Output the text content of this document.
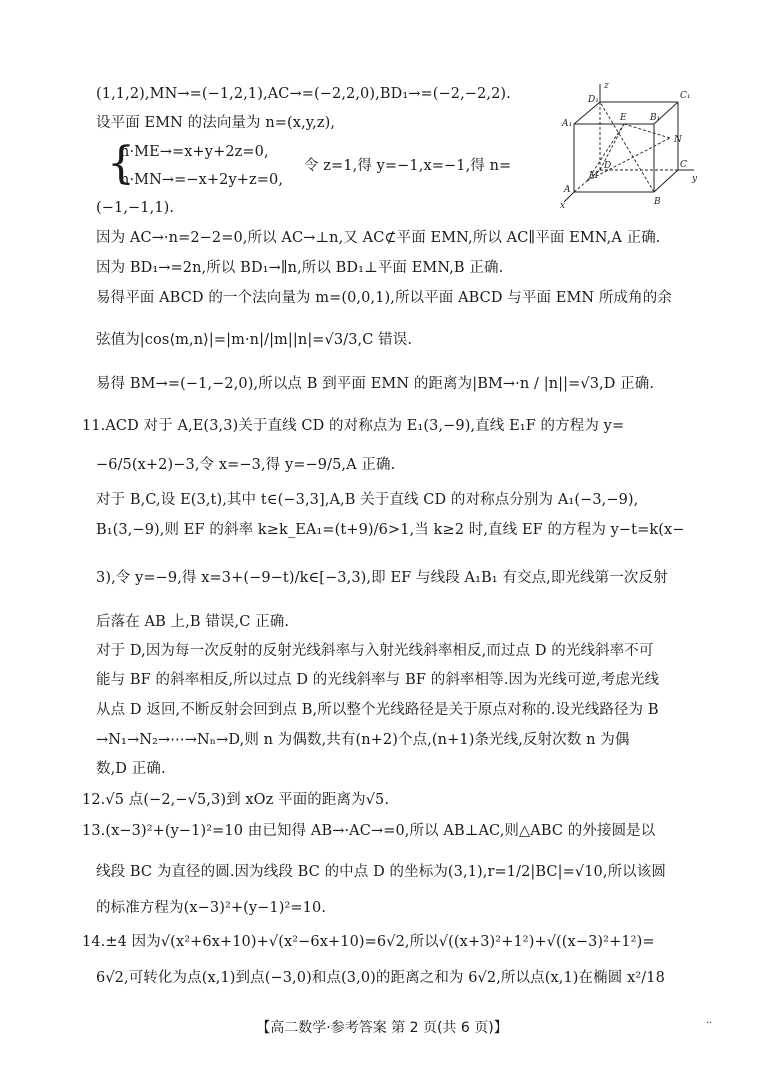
(1,1,2),MN→=(−1,2,1),AC→=(−2,2,0),BD₁→=(−2,−2,2).
设平面 EMN 的法向量为 n=(x,y,z),
{
n·ME→=x+y+2z=0,
n·MN→=−x+2y+z=0,
令 z=1,得 y=−1,x=−1,得 n=
(−1,−1,1).
因为 AC→·n=2−2=0,所以 AC→⊥n,又 AC⊄平面 EMN,所以 AC∥平面 EMN,A 正确.
因为 BD₁→=2n,所以 BD₁→∥n,所以 BD₁⊥平面 EMN,B 正确.
易得平面 ABCD 的一个法向量为 m=(0,0,1),所以平面 ABCD 与平面 EMN 所成角的余
弦值为|cos⟨m,n⟩|=|m·n|/|m||n|=√3/3,C 错误.
易得 BM→=(−1,−2,0),所以点 B 到平面 EMN 的距离为|BM→·n / |n||=√3,D 正确.
11.ACD 对于 A,E(3,3)关于直线 CD 的对称点为 E₁(3,−9),直线 E₁F 的方程为 y=
−6/5(x+2)−3,令 x=−3,得 y=−9/5,A 正确.
对于 B,C,设 E(3,t),其中 t∈(−3,3],A,B 关于直线 CD 的对称点分别为 A₁(−3,−9),
B₁(3,−9),则 EF 的斜率 k≥k_EA₁=(t+9)/6>1,当 k≥2 时,直线 EF 的方程为 y−t=k(x−
3),令 y=−9,得 x=3+(−9−t)/k∈[−3,3),即 EF 与线段 A₁B₁ 有交点,即光线第一次反射
后落在 AB 上,B 错误,C 正确.
对于 D,因为每一次反射的反射光线斜率与入射光线斜率相反,而过点 D 的光线斜率不可
能与 BF 的斜率相反,所以过点 D 的光线斜率与 BF 的斜率相等.因为光线可逆,考虑光线
从点 D 返回,不断反射会回到点 B,所以整个光线路径是关于原点对称的.设光线路径为 B
→N₁→N₂→⋯→Nₙ→D,则 n 为偶数,共有(n+2)个点,(n+1)条光线,反射次数 n 为偶
数,D 正确.
12.√5 点(−2,−√5,3)到 xOz 平面的距离为√5.
13.(x−3)²+(y−1)²=10 由已知得 AB→·AC→=0,所以 AB⊥AC,则△ABC 的外接圆是以
线段 BC 为直径的圆.因为线段 BC 的中点 D 的坐标为(3,1),r=1/2|BC|=√10,所以该圆
的标准方程为(x−3)²+(y−1)²=10.
14.±4 因为√(x²+6x+10)+√(x²−6x+10)=6√2,所以√((x+3)²+1²)+√((x−3)²+1²)=
6√2,可转化为点(x,1)到点(−3,0)和点(3,0)的距离之和为 6√2,所以点(x,1)在椭圆 x²/18
D₁
z
C₁
A₁
E	B₁
N
D	C
y
M
A
B
x
【高二数学·参考答案 第 2 页(共 6 页)】	..
